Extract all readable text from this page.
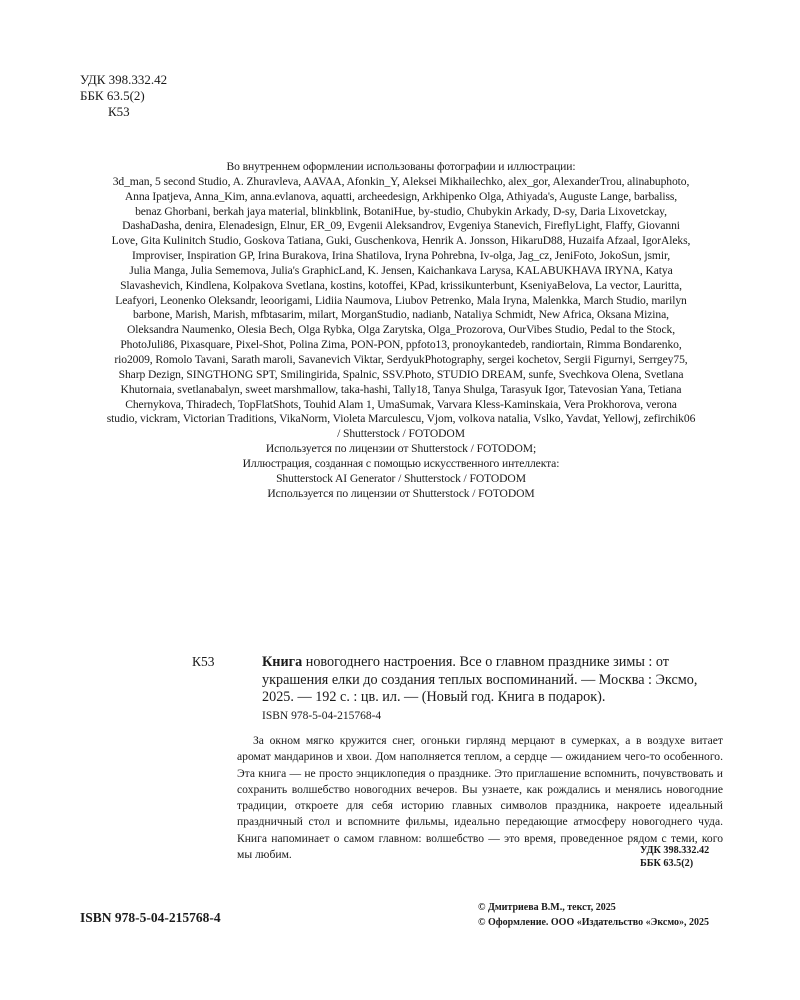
УДК 398.332.42
ББК 63.5(2)
К53
Во внутреннем оформлении использованы фотографии и иллюстрации:
3d_man, 5 second Studio, A. Zhuravleva, AAVAA, Afonkin_Y, Aleksei Mikhailechko, alex_gor, AlexanderTrou, alinabuphoto,
Anna Ipatjeva, Anna_Kim, anna.evlanova, aquatti, archeedesign, Arkhipenko Olga, Athiyada's, Auguste Lange, barbaliss,
benaz Ghorbani, berkah jaya material, blinkblink, BotaniHue, by-studio, Chubykin Arkady, D-sy, Daria Lixovetckay,
DashaDasha, denira, Elenadesign, Elnur, ER_09, Evgenii Aleksandrov, Evgeniya Stanevich, FireflyLight, Flaffy, Giovanni
Love, Gita Kulinitch Studio, Goskova Tatiana, Guki, Guschenkova, Henrik A. Jonsson, HikaruD88, Huzaifa Afzaal, IgorAleks,
Improviser, Inspiration GP, Irina Burakova, Irina Shatilova, Iryna Pohrebna, Iv-olga, Jag_cz, JeniFoto, JokoSun, jsmir,
Julia Manga, Julia Sememova, Julia's GraphicLand, K. Jensen, Kaichankava Larysa, KALABUKHAVA IRYNA, Katya
Slavashevich, Kindlena, Kolpakova Svetlana, kostins, kotoffei, KPad, krissikunterbunt, KseniyaBelova, La vector, Lauritta,
Leafyori, Leonenko Oleksandr, leoorigami, Lidiia Naumova, Liubov Petrenko, Mala Iryna, Malenkka, March Studio, marilyn
barbone, Marish, Marish, mfbtasarim, milart, MorganStudio, nadianb, Nataliya Schmidt, New Africa, Oksana Mizina,
Oleksandra Naumenko, Olesia Bech, Olga Rybka, Olga Zarytska, Olga_Prozorova, OurVibes Studio, Pedal to the Stock,
PhotoJuli86, Pixasquare, Pixel-Shot, Polina Zima, PON-PON, ppfoto13, pronoykantedeb, randiortain, Rimma Bondarenko,
rio2009, Romolo Tavani, Sarath maroli, Savanevich Viktar, SerdyukPhotography, sergei kochetov, Sergii Figurnyi, Serrgey75,
Sharp Dezign, SINGTHONG SPT, Smilingirida, Spalnic, SSV.Photo, STUDIO DREAM, sunfe, Svechkova Olena, Svetlana
Khutornaia, svetlanabalyn, sweet marshmallow, taka-hashi, Tally18, Tanya Shulga, Tarasyuk Igor, Tatevosian Yana, Tetiana
Chernykova, Thiradech, TopFlatShots, Touhid Alam 1, UmaSumak, Varvara Kless-Kaminskaia, Vera Prokhorova, verona
studio, vickram, Victorian Traditions, VikaNorm, Violeta Marculescu, Vjom, volkova natalia, Vslko, Yavdat, Yellowj, zefirchik06
/ Shutterstock / FOTODOM
Используется по лицензии от Shutterstock / FOTODOM;
Иллюстрация, созданная с помощью искусственного интеллекта:
Shutterstock AI Generator / Shutterstock / FOTODOM
Используется по лицензии от Shutterstock / FOTODOM
К53	Книга новогоднего настроения. Все о главном празднике зимы : от украшения елки до создания теплых воспоминаний. — Москва : Эксмо, 2025. — 192 с. : цв. ил. — (Новый год. Книга в подарок).
ISBN 978-5-04-215768-4
За окном мягко кружится снег, огоньки гирлянд мерцают в сумерках, а в воздухе витает аромат мандаринов и хвои. Дом наполняется теплом, а сердце — ожиданием чего-то особенного. Эта книга — не просто энциклопедия о празднике. Это приглашение вспомнить, почувствовать и сохранить волшебство новогодних вечеров. Вы узнаете, как рождались и менялись новогодние традиции, откроете для себя историю главных символов праздника, накроете идеальный праздничный стол и вспомните фильмы, идеально передающие атмосферу новогоднего чуда. Книга напоминает о самом главном: волшебство — это время, проведенное рядом с теми, кого мы любим.	УДК 398.332.42
ББК 63.5(2)
ISBN 978-5-04-215768-4
© Дмитриева В.М., текст, 2025
© Оформление. ООО «Издательство «Эксмо», 2025
